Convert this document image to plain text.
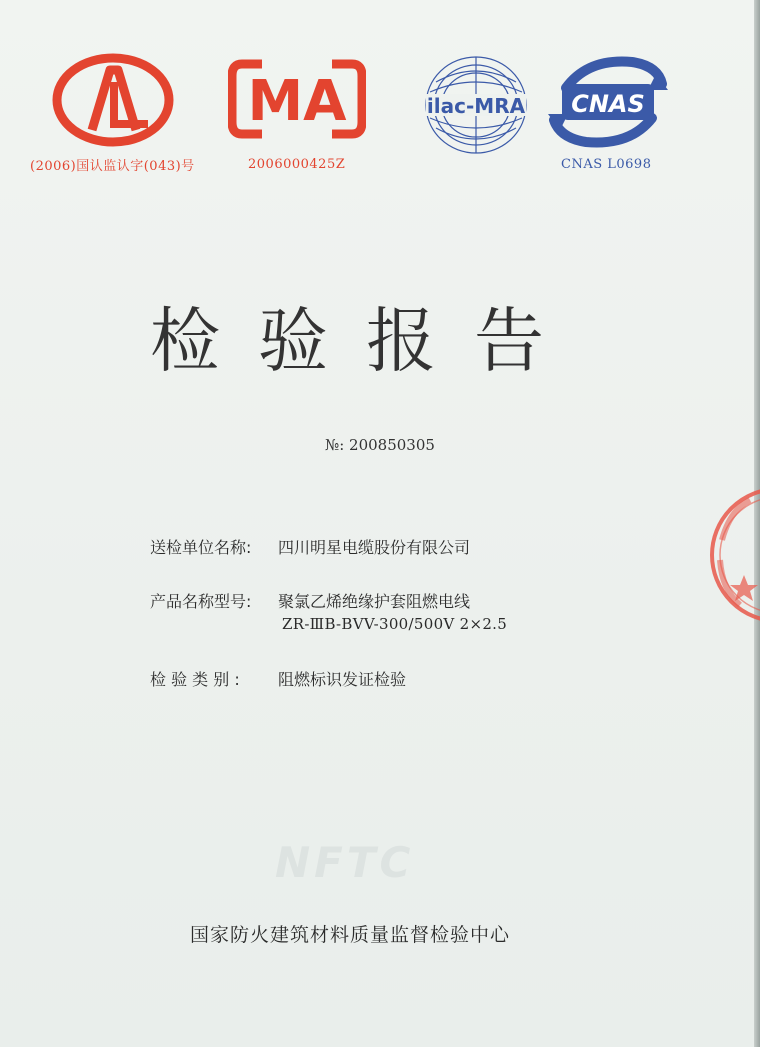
(2006)国认监认字(043)号
MA
2006000425Z
ilac-MRA CNAS
CNAS L0698
检验报告
№: 200850305
送检单位名称: 四川明星电缆股份有限公司
产品名称型号: 聚氯乙烯绝缘护套阻燃电线
ZR-ⅢB-BVV-300/500V 2×2.5
检 验 类 别 : 阻燃标识发证检验
NFTC
国家防火建筑材料质量监督检验中心
